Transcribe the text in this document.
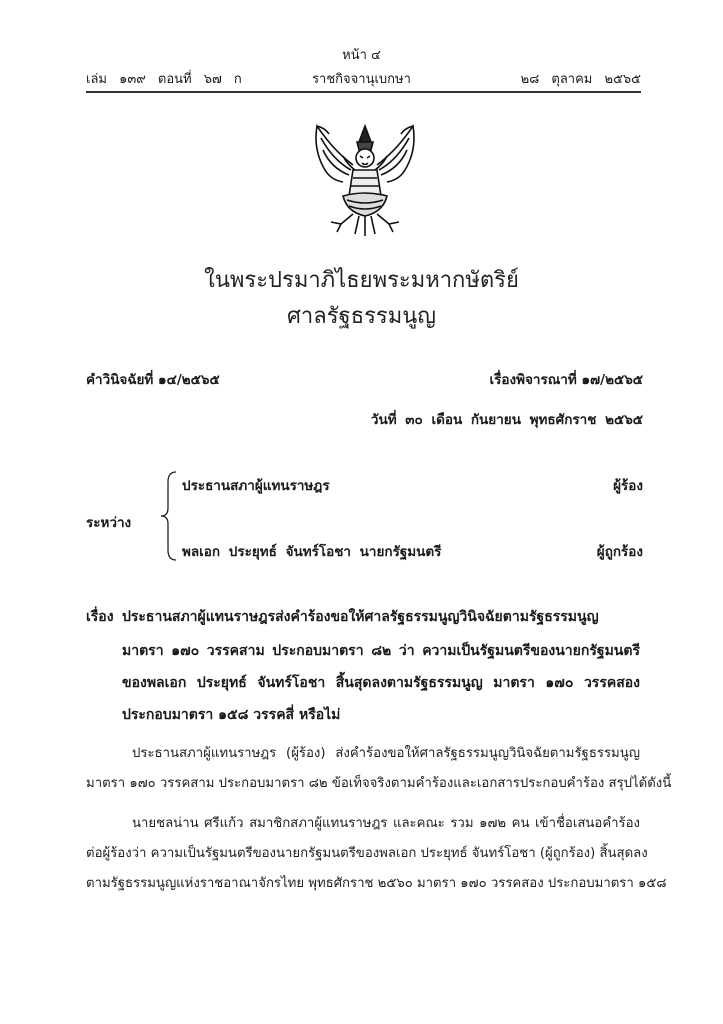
หน้า ๔
เล่ม ๑๓๙ ตอนที่ ๖๗ ก	ราชกิจจานุเบกษา	๒๘ ตุลาคม ๒๕๖๕
ในพระปรมาภิไธยพระมหากษัตริย์
ศาลรัฐธรรมนูญ
คำวินิจฉัยที่ ๑๔/๒๕๖๕	เรื่องพิจารณาที่ ๑๗/๒๕๖๕
วันที่ ๓๐ เดือน กันยายน พุทธศักราช ๒๕๖๕
ระหว่าง
ประธานสภาผู้แทนราษฎร	ผู้ร้อง
พลเอก ประยุทธ์ จันทร์โอชา นายกรัฐมนตรี	ผู้ถูกร้อง
เรื่อง ประธานสภาผู้แทนราษฎรส่งคำร้องขอให้ศาลรัฐธรรมนูญวินิจฉัยตามรัฐธรรมนูญ
มาตรา ๑๗๐ วรรคสาม ประกอบมาตรา ๘๒ ว่า ความเป็นรัฐมนตรีของนายกรัฐมนตรี
ของพลเอก ประยุทธ์ จันทร์โอชา สิ้นสุดลงตามรัฐธรรมนูญ มาตรา ๑๗๐ วรรคสอง
ประกอบมาตรา ๑๕๘ วรรคสี่ หรือไม่
ประธานสภาผู้แทนราษฎร (ผู้ร้อง) ส่งคำร้องขอให้ศาลรัฐธรรมนูญวินิจฉัยตามรัฐธรรมนูญ
มาตรา ๑๗๐ วรรคสาม ประกอบมาตรา ๘๒ ข้อเท็จจริงตามคำร้องและเอกสารประกอบคำร้อง สรุปได้ดังนี้
นายชลน่าน ศรีแก้ว สมาชิกสภาผู้แทนราษฎร และคณะ รวม ๑๗๒ คน เข้าชื่อเสนอคำร้อง
ต่อผู้ร้องว่า ความเป็นรัฐมนตรีของนายกรัฐมนตรีของพลเอก ประยุทธ์ จันทร์โอชา (ผู้ถูกร้อง) สิ้นสุดลง
ตามรัฐธรรมนูญแห่งราชอาณาจักรไทย พุทธศักราช ๒๕๖๐ มาตรา ๑๗๐ วรรคสอง ประกอบมาตรา ๑๕๘
